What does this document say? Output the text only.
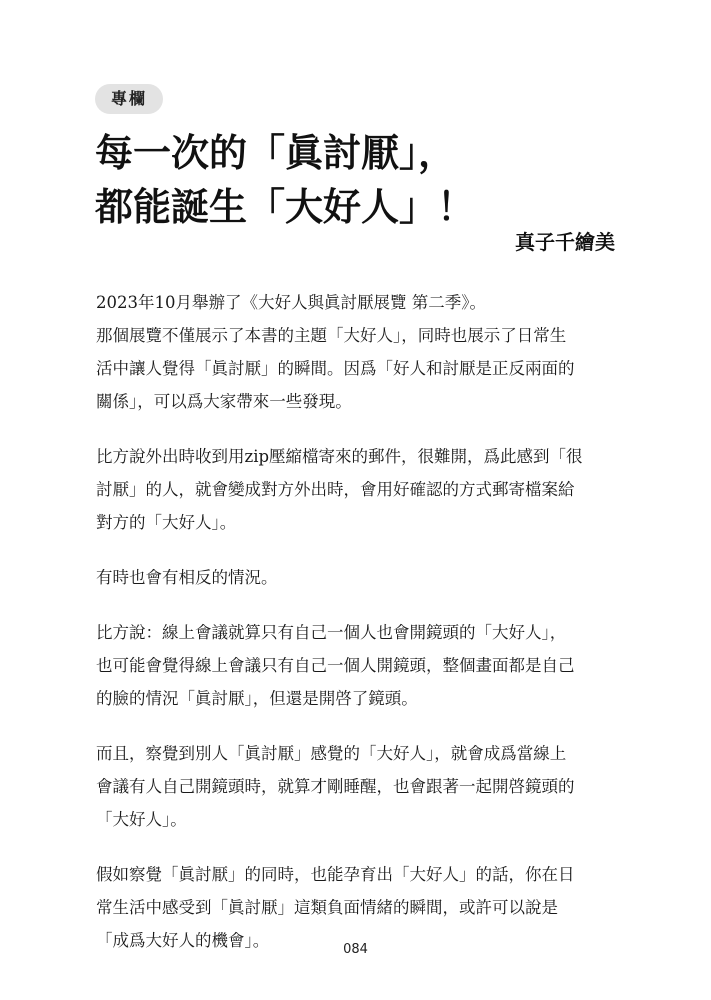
專欄
每一次的「眞討厭」，
都能誕生「大好人」！
真子千繪美

2023年10月舉辦了《大好人與眞討厭展覽 第二季》。
那個展覽不僅展示了本書的主題「大好人」，同時也展示了日常生
活中讓人覺得「眞討厭」的瞬間。因爲「好人和討厭是正反兩面的
關係」，可以爲大家帶來一些發現。

比方說外出時收到用zip壓縮檔寄來的郵件，很難開，爲此感到「很
討厭」的人，就會變成對方外出時，會用好確認的方式郵寄檔案給
對方的「大好人」。

有時也會有相反的情況。

比方說：線上會議就算只有自己一個人也會開鏡頭的「大好人」，
也可能會覺得線上會議只有自己一個人開鏡頭，整個畫面都是自己
的臉的情況「眞討厭」，但還是開啓了鏡頭。

而且，察覺到別人「眞討厭」感覺的「大好人」，就會成爲當線上
會議有人自己開鏡頭時，就算才剛睡醒，也會跟著一起開啓鏡頭的
「大好人」。

假如察覺「眞討厭」的同時，也能孕育出「大好人」的話，你在日
常生活中感受到「眞討厭」這類負面情緒的瞬間，或許可以說是
「成爲大好人的機會」。	084
